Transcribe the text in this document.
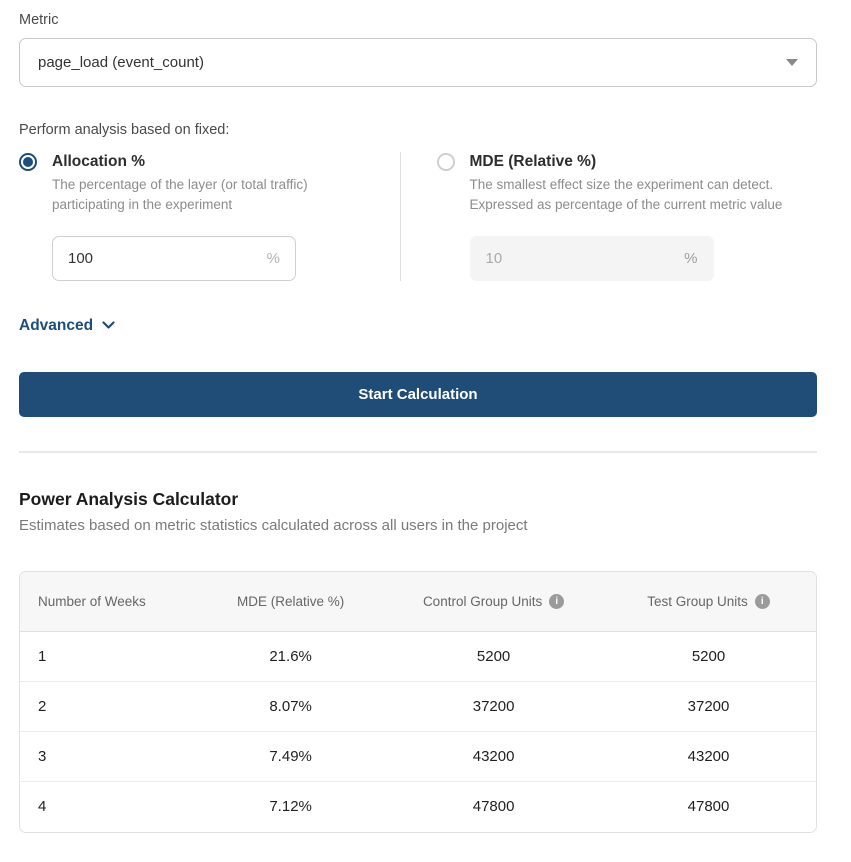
Metric
page_load (event_count)
Perform analysis based on fixed:
Allocation %
The percentage of the layer (or total traffic) participating in the experiment
100
%
MDE (Relative %)
The smallest effect size the experiment can detect. Expressed as percentage of the current metric value
10
%
Advanced
Start Calculation
Power Analysis Calculator
Estimates based on metric statistics calculated across all users in the project
Number of Weeks	MDE (Relative %)	Control Group Units i	Test Group Units i

1	21.6%	5200	5200
2	8.07%	37200	37200
3	7.49%	43200	43200
4	7.12%	47800	47800
